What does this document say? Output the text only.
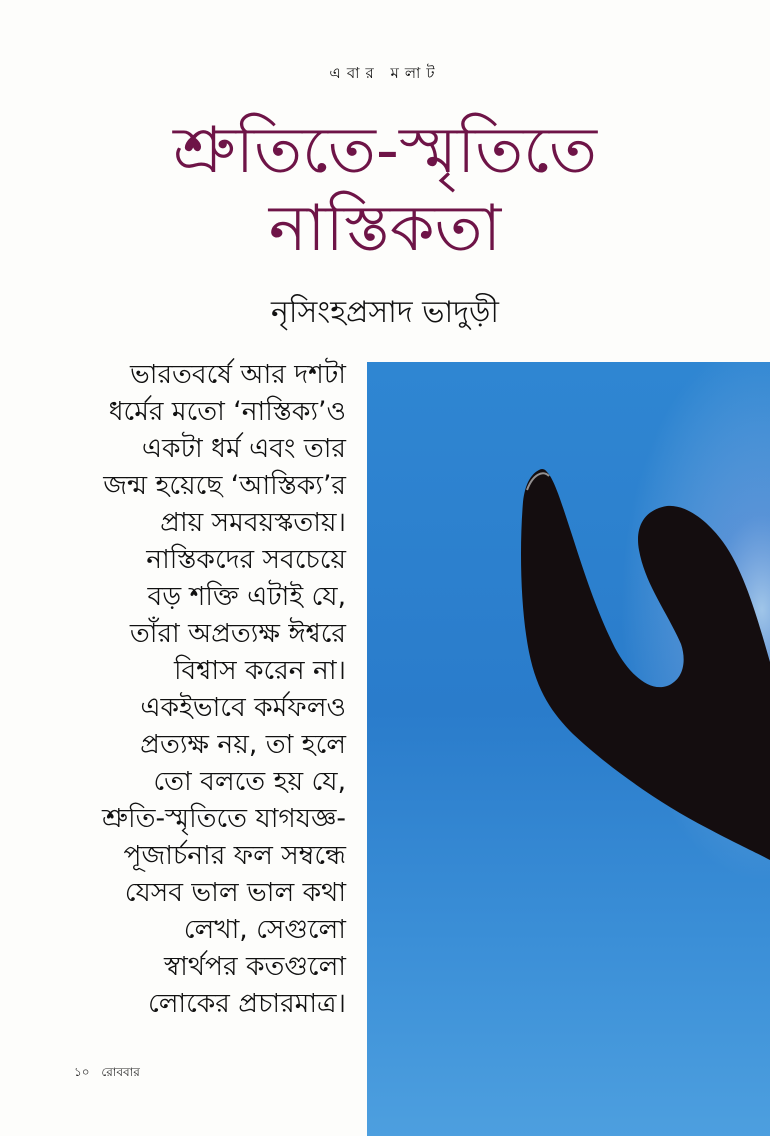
এবার মলাট
শ্রুতিতে-স্মৃতিতে
নাস্তিকতা
নৃসিংহপ্রসাদ ভাদুড়ী
ভারতবর্ষে আর দশটা
ধর্মের মতো ‘নাস্তিক্য’ও
একটা ধর্ম এবং তার
জন্ম হয়েছে ‘আস্তিক্য’র
প্রায় সমবয়স্কতায়।
নাস্তিকদের সবচেয়ে
বড় শক্তি এটাই যে,
তাঁরা অপ্রত্যক্ষ ঈশ্বরে
বিশ্বাস করেন না।
একইভাবে কর্মফলও
প্রত্যক্ষ নয়, তা হলে
তো বলতে হয় যে,
শ্রুতি-স্মৃতিতে যাগযজ্ঞ-
পূজার্চনার ফল সম্বন্ধে
যেসব ভাল ভাল কথা
লেখা, সেগুলো
স্বার্থপর কতগুলো
লোকের প্রচারমাত্র।
১০ রোববার
